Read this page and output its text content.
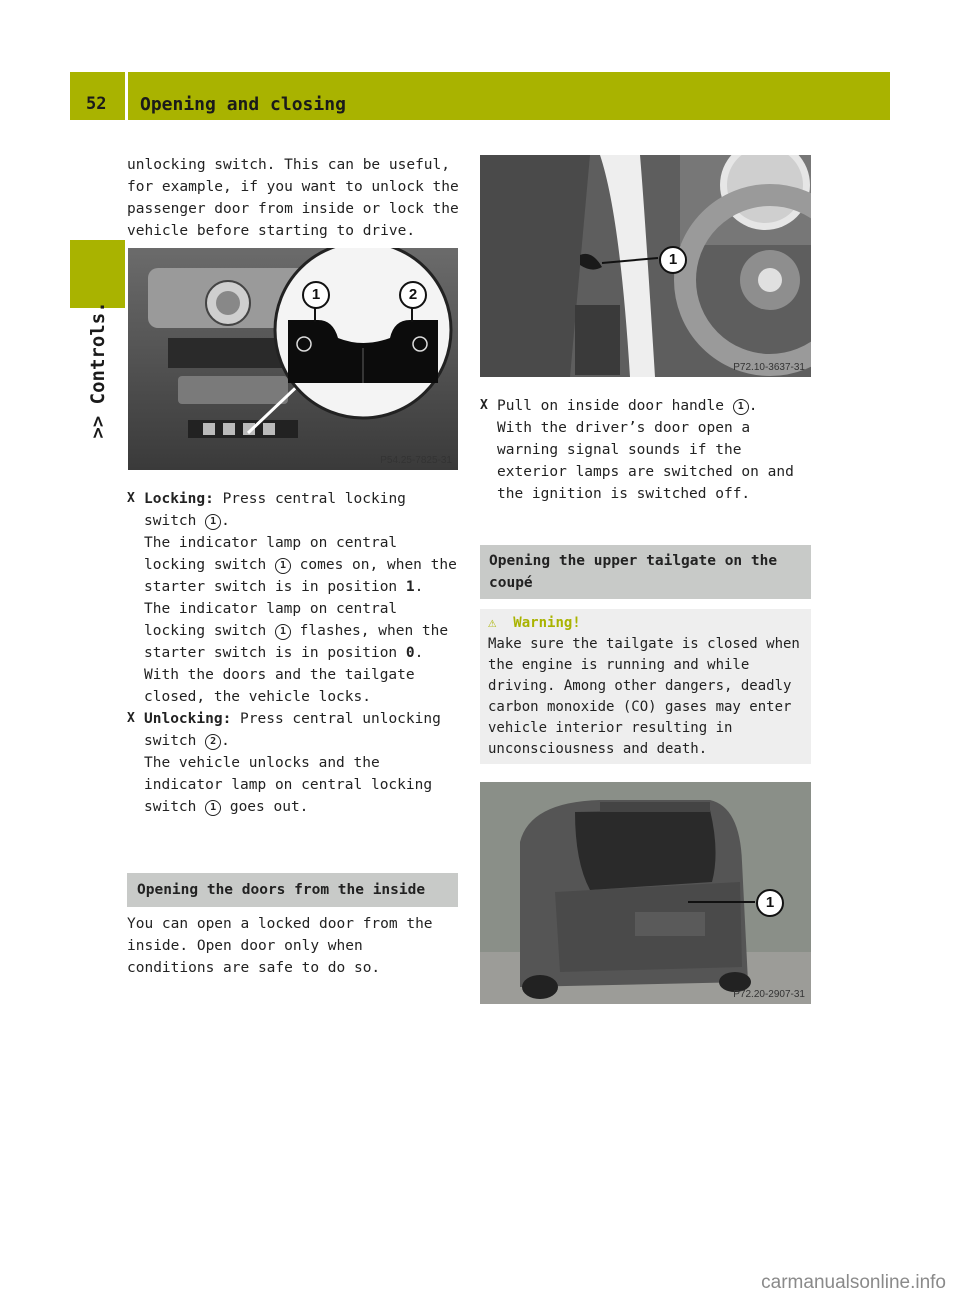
52 Opening and closing
>> Controls.

unlocking switch. This can be useful, for example, if you want to unlock the passenger door from inside or lock the vehicle before starting to drive.

1	2
P54.25-7825-31
X Locking: Press central locking switch 1 .

The indicator lamp on central locking switch 1 comes on, when the starter switch is in position 1.

The indicator lamp on central locking switch 1 flashes, when the starter switch is in position 0.

With the doors and the tailgate closed, the vehicle locks.

X Unlocking: Press central unlocking switch 2 .

The vehicle unlocks and the indicator lamp on central locking switch 1 goes out.

Opening the doors from the inside

You can open a locked door from the inside. Open door only when conditions are safe to do so.

1
P72.10-3637-31
X Pull on inside door handle 1 .

With the driver’s door open a warning signal sounds if the exterior lamps are switched on and the ignition is switched off.

Opening the upper tailgate on the coupé

⚠ Warning!

Make sure the tailgate is closed when the engine is running and while driving. Among other dangers, deadly carbon monoxide (CO) gases may enter vehicle interior resulting in unconsciousness and death.

1
P72.20-2907-31
carmanualsonline.info
